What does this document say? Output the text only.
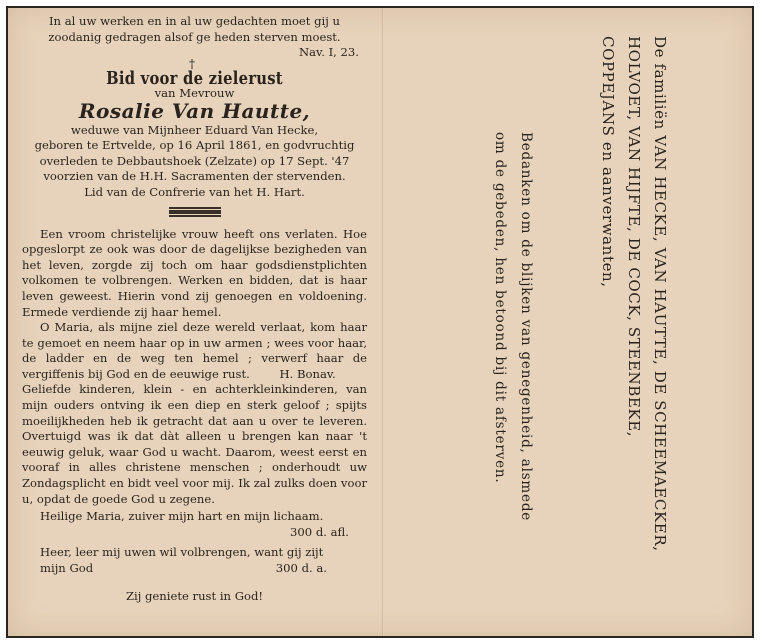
In al uw werken en in al uw gedachten moet gij u
zoodanig gedragen alsof ge heden sterven moest.
Nav. I, 23.
†
Bid voor de zielerust
van Mevrouw
Rosalie Van Hautte,
weduwe van Mijnheer Eduard Van Hecke,
geboren te Ertvelde, op 16 April 1861, en godvruchtig
overleden te Debbautshoek (Zelzate) op 17 Sept. '47
voorzien van de H.H. Sacramenten der stervenden.
Lid van de Confrerie van het H. Hart.
Een vroom christelijke vrouw heeft ons verlaten. Hoe opgeslorpt ze ook was door de dagelijkse bezigheden van het leven, zorgde zij toch om haar godsdienstplichten volkomen te volbrengen. Werken en bidden, dat is haar leven geweest. Hierin vond zij genoegen en voldoening. Ermede verdiende zij haar hemel.
O Maria, als mijne ziel deze wereld verlaat, kom haar te gemoet en neem haar op in uw armen ; wees voor haar, de ladder en de weg ten hemel ; verwerf haar de vergiffenis bij God en de eeuwige rust.	H. Bonav.
Geliefde kinderen, klein - en achterkleinkinderen, van mijn ouders ontving ik een diep en sterk geloof ; spijts moeilijkheden heb ik getracht dat aan u over te leveren. Overtuigd was ik dat dàt alleen u brengen kan naar 't eeuwig geluk, waar God u wacht. Daarom, weest eerst en vooraf in alles christene menschen ; onderhoudt uw Zondagsplicht en bidt veel voor mij. Ik zal zulks doen voor u, opdat de goede God u zegene.
Heilige Maria, zuiver mijn hart en mijn lichaam.
300 d. afl.
Heer, leer mij uwen wil volbrengen, want gij zijt
mijn God	300 d. a.
Zij geniete rust in God!
De familiën VAN HECKE, VAN HAUTTE, DE SCHEEMAECKER,
HOLVOET, VAN HIJFTE, DE COCK, STEENBEKE,
COPPEJANS en aanverwanten,
Bedanken om de blijken van genegenheid, alsmede
om de gebeden, hen betoond bij dit afsterven.
